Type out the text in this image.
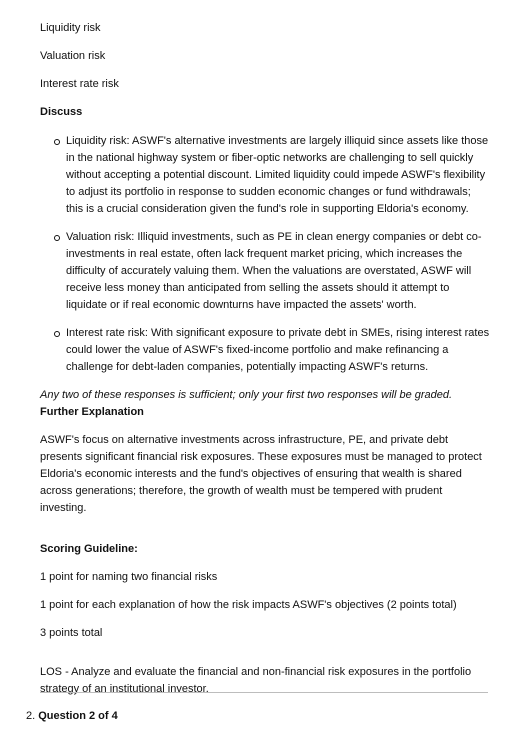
Liquidity risk

Valuation risk

Interest rate risk

Discuss

Liquidity risk: ASWF's alternative investments are largely illiquid since assets like those in the national highway system or fiber-optic networks are challenging to sell quickly without accepting a potential discount. Limited liquidity could impede ASWF's flexibility to adjust its portfolio in response to sudden economic changes or fund withdrawals; this is a crucial consideration given the fund's role in supporting Eldoria's economy.
Valuation risk: Illiquid investments, such as PE in clean energy companies or debt co-investments in real estate, often lack frequent market pricing, which increases the difficulty of accurately valuing them. When the valuations are overstated, ASWF will receive less money than anticipated from selling the assets should it attempt to liquidate or if real economic downturns have impacted the assets' worth.
Interest rate risk: With significant exposure to private debt in SMEs, rising interest rates could lower the value of ASWF's fixed-income portfolio and make refinancing a challenge for debt-laden companies, potentially impacting ASWF's returns.

Any two of these responses is sufficient; only your first two responses will be graded.

Further Explanation

ASWF's focus on alternative investments across infrastructure, PE, and private debt presents significant financial risk exposures. These exposures must be managed to protect Eldoria's economic interests and the fund's objectives of ensuring that wealth is shared across generations; therefore, the growth of wealth must be tempered with prudent investing.

Scoring Guideline:

1 point for naming two financial risks

1 point for each explanation of how the risk impacts ASWF's objectives (2 points total)

3 points total

LOS - Analyze and evaluate the financial and non-financial risk exposures in the portfolio strategy of an institutional investor.

2. Question 2 of 4
